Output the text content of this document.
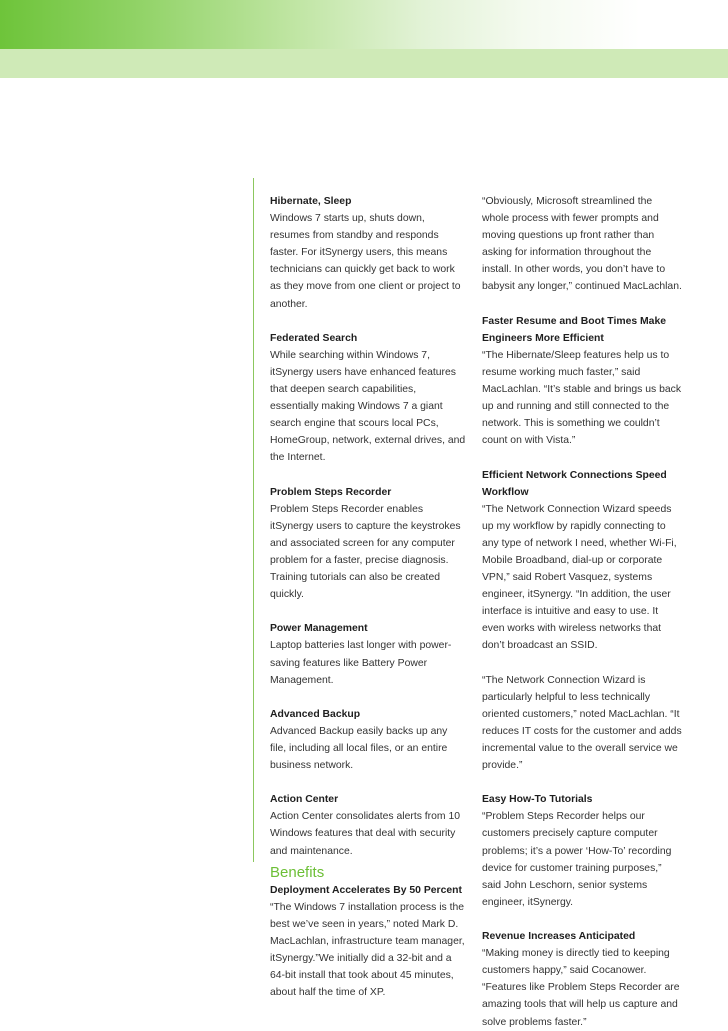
Hibernate, Sleep
Windows 7 starts up, shuts down, resumes from standby and responds faster. For itSynergy users, this means technicians can quickly get back to work as they move from one client or project to another.
Federated Search
While searching within Windows 7, itSynergy users have enhanced features that deepen search capabilities, essentially making Windows 7 a giant search engine that scours local PCs, HomeGroup, network, external drives, and the Internet.
Problem Steps Recorder
Problem Steps Recorder enables itSynergy users to capture the keystrokes and associated screen for any computer problem for a faster, precise diagnosis. Training tutorials can also be created quickly.
Power Management
Laptop batteries last longer with power-saving features like Battery Power Management.
Advanced Backup
Advanced Backup easily backs up any file, including all local files, or an entire business network.
Action Center
Action Center consolidates alerts from 10 Windows features that deal with security and maintenance.
Benefits
Deployment Accelerates By 50 Percent
“The Windows 7 installation process is the best we’ve seen in years,” noted Mark D. MacLachlan, infrastructure team manager, itSynergy.”We initially did a 32-bit and a 64-bit install that took about 45 minutes, about half the time of XP.
“Obviously, Microsoft streamlined the whole process with fewer prompts and moving questions up front rather than asking for information throughout the install. In other words, you don’t have to babysit any longer,” continued MacLachlan.
Faster Resume and Boot Times Make Engineers More Efficient
“The Hibernate/Sleep features help us to resume working much faster,” said MacLachlan. “It’s stable and brings us back up and running and still connected to the network. This is something we couldn’t count on with Vista.”
Efficient Network Connections Speed Workflow
“The Network Connection Wizard speeds up my workflow by rapidly connecting to any type of network I need, whether Wi-Fi, Mobile Broadband, dial-up or corporate VPN,” said Robert Vasquez, systems engineer, itSynergy. “In addition, the user interface is intuitive and easy to use. It even works with wireless networks that don’t broadcast an SSID.
“The Network Connection Wizard is particularly helpful to less technically oriented customers,” noted MacLachlan. “It reduces IT costs for the customer and adds incremental value to the overall service we provide.”
Easy How-To Tutorials
“Problem Steps Recorder helps our customers precisely capture computer problems; it’s a power ‘How-To’ recording device for customer training purposes,” said John Leschorn, senior systems engineer, itSynergy.
Revenue Increases Anticipated
“Making money is directly tied to keeping customers happy,” said Cocanower. “Features like Problem Steps Recorder are amazing tools that will help us capture and solve problems faster.”
